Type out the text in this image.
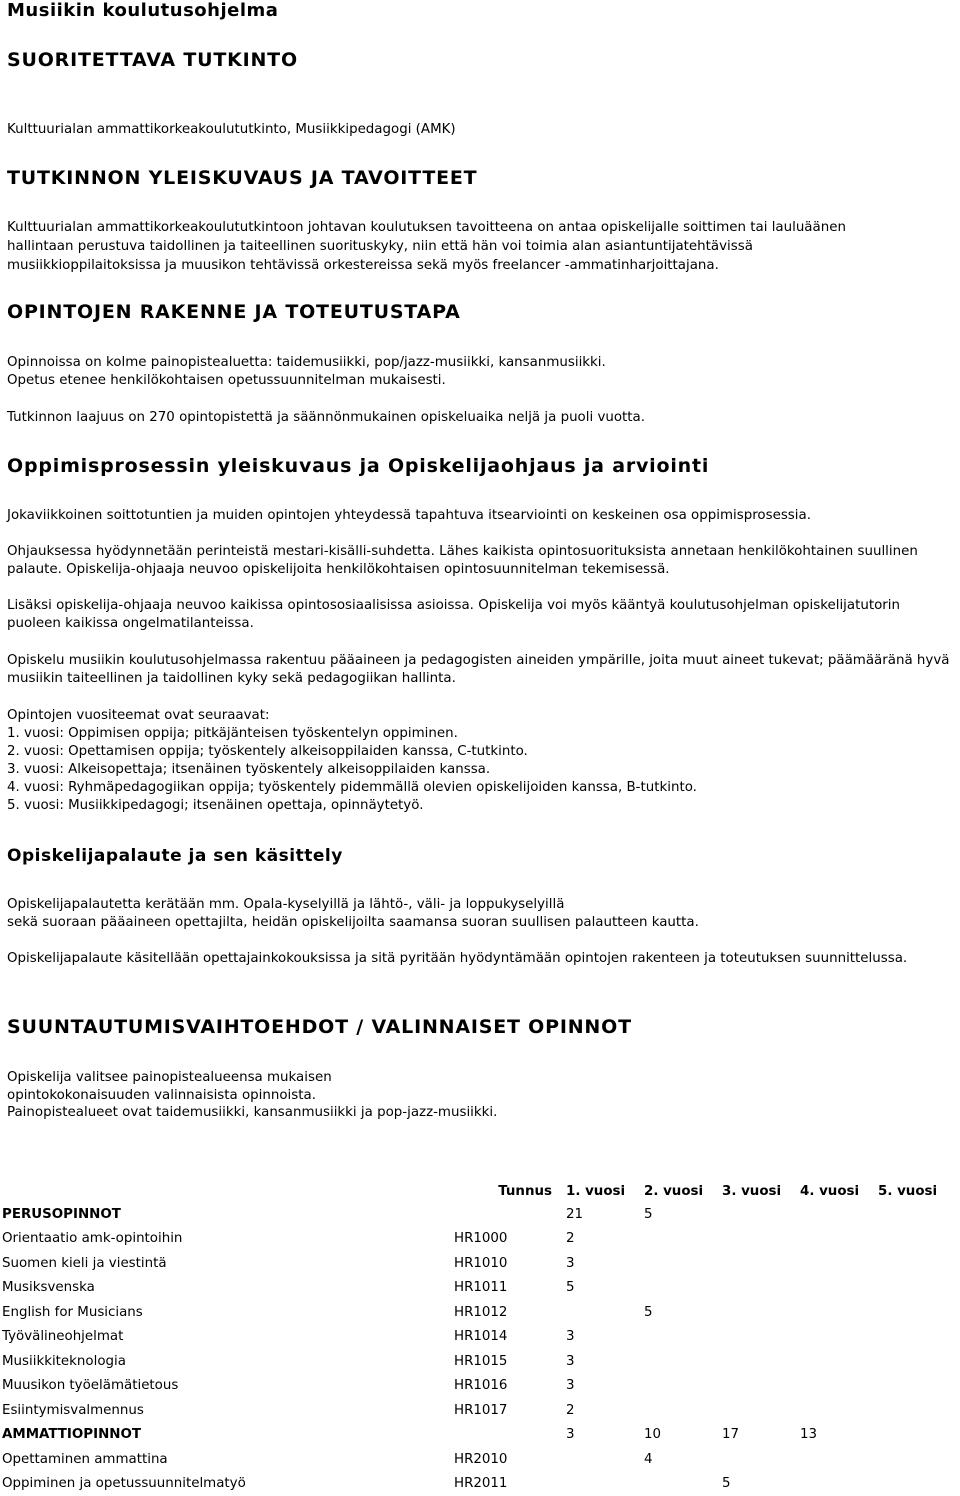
Musiikin koulutusohjelma
SUORITETTAVA TUTKINTO

Kulttuurialan ammattikorkeakoulututkinto, Musiikkipedagogi (AMK)

TUTKINNON YLEISKUVAUS JA TAVOITTEET

Kulttuurialan ammattikorkeakoulututkintoon johtavan koulutuksen tavoitteena on antaa opiskelijalle soittimen tai lauluäänen

hallintaan perustuva taidollinen ja taiteellinen suorituskyky, niin että hän voi toimia alan asiantuntijatehtävissä

musiikkioppilaitoksissa ja muusikon tehtävissä orkestereissa sekä myös freelancer -ammatinharjoittajana.

OPINTOJEN RAKENNE JA TOTEUTUSTAPA

Opinnoissa on kolme painopistealuetta: taidemusiikki, pop/jazz-musiikki, kansanmusiikki.

Opetus etenee henkilökohtaisen opetussuunnitelman mukaisesti.

Tutkinnon laajuus on 270 opintopistettä ja säännönmukainen opiskeluaika neljä ja puoli vuotta.

Oppimisprosessin yleiskuvaus ja Opiskelijaohjaus ja arviointi

Jokaviikkoinen soittotuntien ja muiden opintojen yhteydessä tapahtuva itsearviointi on keskeinen osa oppimisprosessia.

Ohjauksessa hyödynnetään perinteistä mestari-kisälli-suhdetta. Lähes kaikista opintosuorituksista annetaan henkilökohtainen suullinen palaute. Opiskelija-ohjaaja neuvoo opiskelijoita henkilökohtaisen opintosuunnitelman tekemisessä.

Lisäksi opiskelija-ohjaaja neuvoo kaikissa opintososiaalisissa asioissa. Opiskelija voi myös kääntyä koulutusohjelman opiskelijatutorin puoleen kaikissa ongelmatilanteissa.

Opiskelu musiikin koulutusohjelmassa rakentuu pääaineen ja pedagogisten aineiden ympärille, joita muut aineet tukevat; päämääränä hyvä musiikin taiteellinen ja taidollinen kyky sekä pedagogiikan hallinta.

Opintojen vuositeemat ovat seuraavat:

1. vuosi: Oppimisen oppija; pitkäjänteisen työskentelyn oppiminen.
2. vuosi: Opettamisen oppija; työskentely alkeisoppilaiden kanssa, C-tutkinto.
3. vuosi: Alkeisopettaja; itsenäinen työskentely alkeisoppilaiden kanssa.
4. vuosi: Ryhmäpedagogiikan oppija; työskentely pidemmällä olevien opiskelijoiden kanssa, B-tutkinto.
5. vuosi: Musiikkipedagogi; itsenäinen opettaja, opinnäytetyö.
Opiskelijapalaute ja sen käsittely

Opiskelijapalautetta kerätään mm. Opala-kyselyillä ja lähtö-, väli- ja loppukyselyillä

sekä suoraan pääaineen opettajilta, heidän opiskelijoilta saamansa suoran suullisen palautteen kautta.

Opiskelijapalaute käsitellään opettajainkokouksissa ja sitä pyritään hyödyntämään opintojen rakenteen ja toteutuksen suunnittelussa.

SUUNTAUTUMISVAIHTOEHDOT / VALINNAISET OPINNOT

Opiskelija valitsee painopistealueensa mukaisen

opintokokonaisuuden valinnaisista opinnoista.

Painopistealueet ovat taidemusiikki, kansanmusiikki ja pop-jazz-musiikki.

	Tunnus	1. vuosi	2. vuosi	3. vuosi	4. vuosi	5. vuosi
PERUSOPINNOT		21	5			
Orientaatio amk-opintoihin	HR1000	2				
Suomen kieli ja viestintä	HR1010	3				
Musiksvenska	HR1011	5				
English for Musicians	HR1012		5			
Työvälineohjelmat	HR1014	3				
Musiikkiteknologia	HR1015	3				
Muusikon työelämätietous	HR1016	3				
Esiintymisvalmennus	HR1017	2				
AMMATTIOPINNOT		3	10	17	13	
Opettaminen ammattina	HR2010		4			
Oppiminen ja opetussuunnitelmatyö	HR2011			5		
